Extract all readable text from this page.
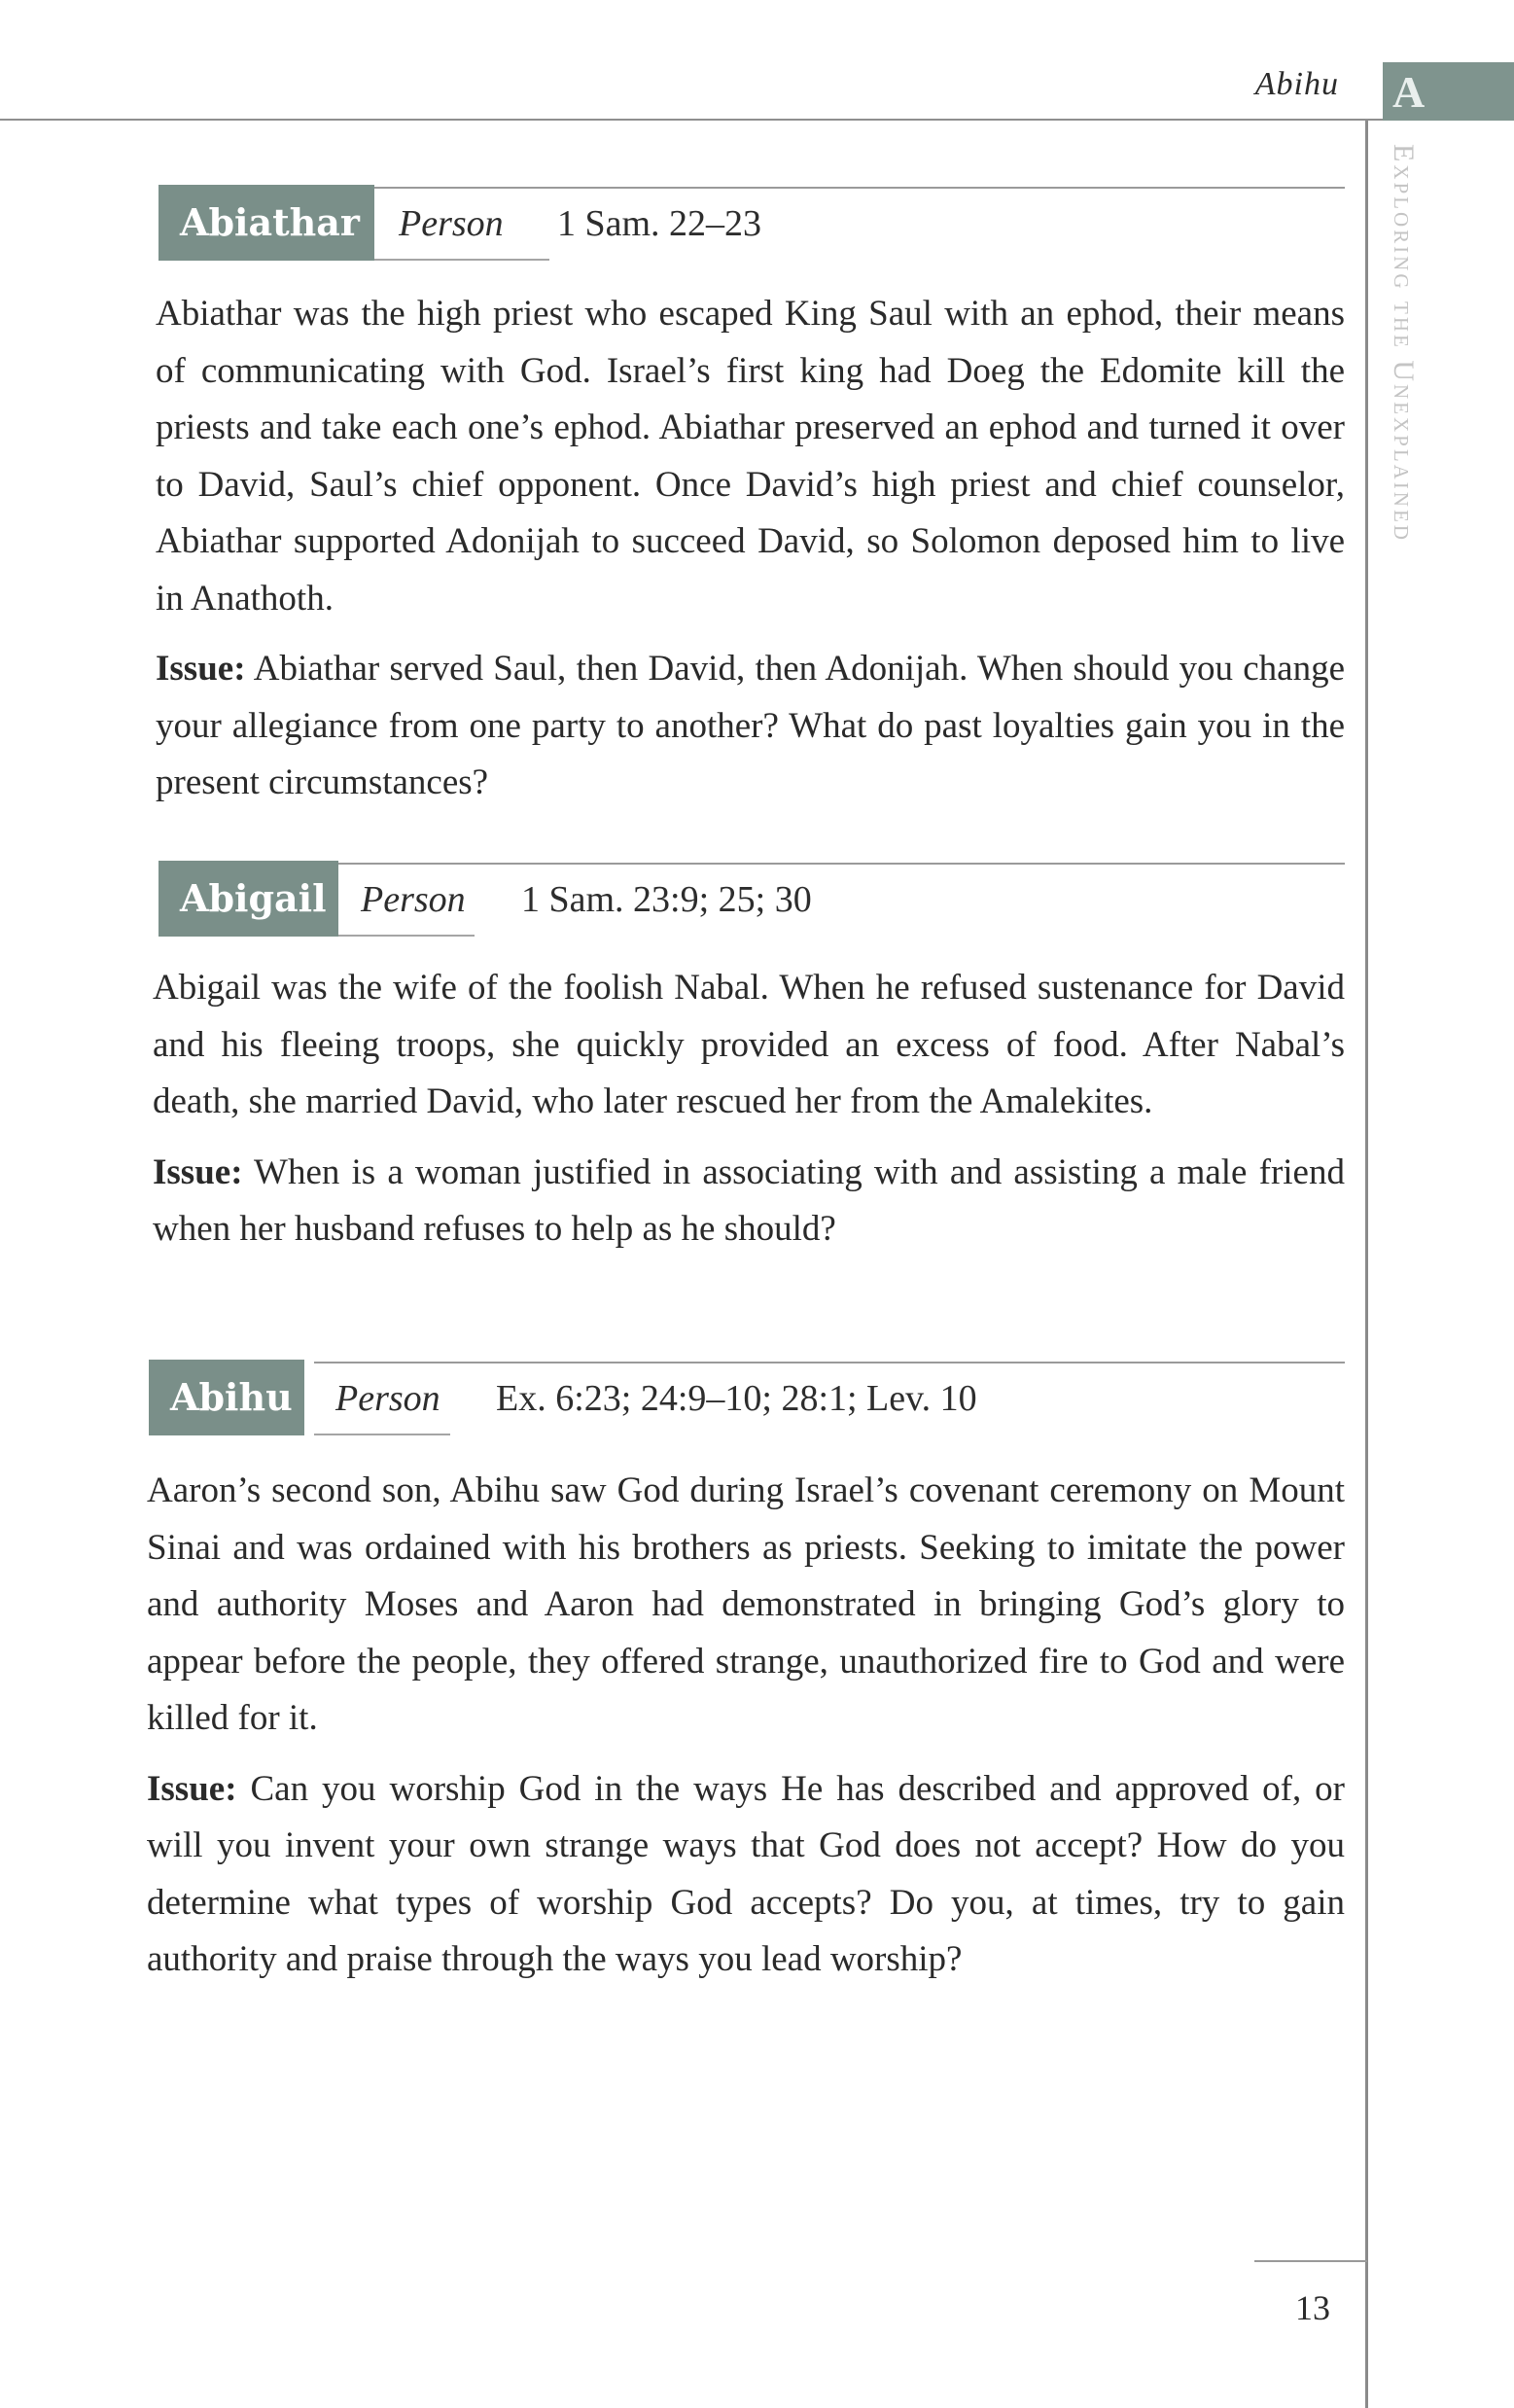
Abihu A
Exploring the Unexplained
Abiathar	Person 1 Sam. 22–23

Abiathar was the high priest who escaped King Saul with an ephod, their means of communicating with God. Israel’s first king had Doeg the Edomite kill the priests and take each one’s ephod. Abiathar preserved an ephod and turned it over to David, Saul’s chief opponent. Once David’s high priest and chief counselor, Abiathar supported Adonijah to succeed David, so Solomon deposed him to live in Anathoth.

Issue: Abiathar served Saul, then David, then Adonijah. When should you change your allegiance from one party to another? What do past loyalties gain you in the present circumstances?

Abigail Person 1 Sam. 23:9; 25; 30

Abigail was the wife of the foolish Nabal. When he refused sustenance for David and his fleeing troops, she quickly provided an excess of food. After Nabal’s death, she married David, who later rescued her from the Amalekites.

Issue: When is a woman justified in associating with and assisting a male friend when her husband refuses to help as he should?

Abihu	Person Ex. 6:23; 24:9–10; 28:1; Lev. 10

Aaron’s second son, Abihu saw God during Israel’s covenant ceremony on Mount Sinai and was ordained with his brothers as priests. Seeking to imitate the power and authority Moses and Aaron had demonstrated in bringing God’s glory to appear before the people, they offered strange, unauthorized fire to God and were killed for it.

Issue: Can you worship God in the ways He has described and approved of, or will you invent your own strange ways that God does not accept? How do you determine what types of worship God accepts? Do you, at times, try to gain authority and praise through the ways you lead worship?

13
